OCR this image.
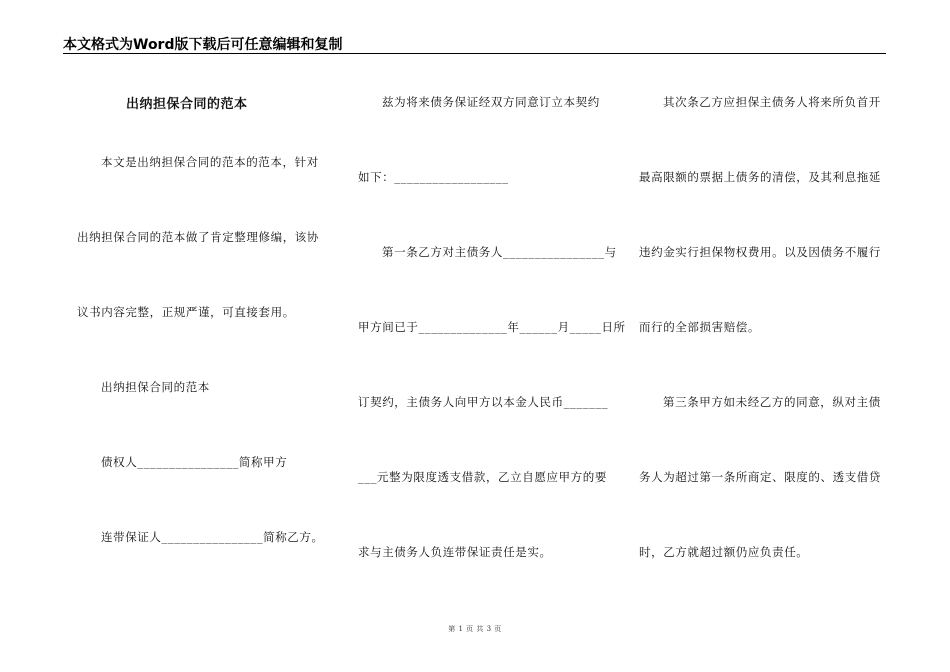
本文格式为Word版下载后可任意编辑和复制
出纳担保合同的范本
本文是出纳担保合同的范本的范本，针对
出纳担保合同的范本做了肯定整理修编，该协
议书内容完整，正规严谨，可直接套用。
出纳担保合同的范本
债权人________________简称甲方
连带保证人________________简称乙方。
兹为将来债务保证经双方同意订立本契约
如下：__________________
第一条乙方对主债务人________________与
甲方间已于______________年______月_____日所
订契约，主债务人向甲方以本金人民币_______
___元整为限度透支借款，乙立自愿应甲方的要
求与主债务人负连带保证责任是实。
其次条乙方应担保主债务人将来所负首开
最高限额的票据上债务的清偿，及其利息拖延
违约金实行担保物权费用。以及因债务不履行
而行的全部损害赔偿。
第三条甲方如未经乙方的同意，纵对主债
务人为超过第一条所商定、限度的、透支借贷
时，乙方就超过额仍应负责任。
第 1 页 共 3 页
